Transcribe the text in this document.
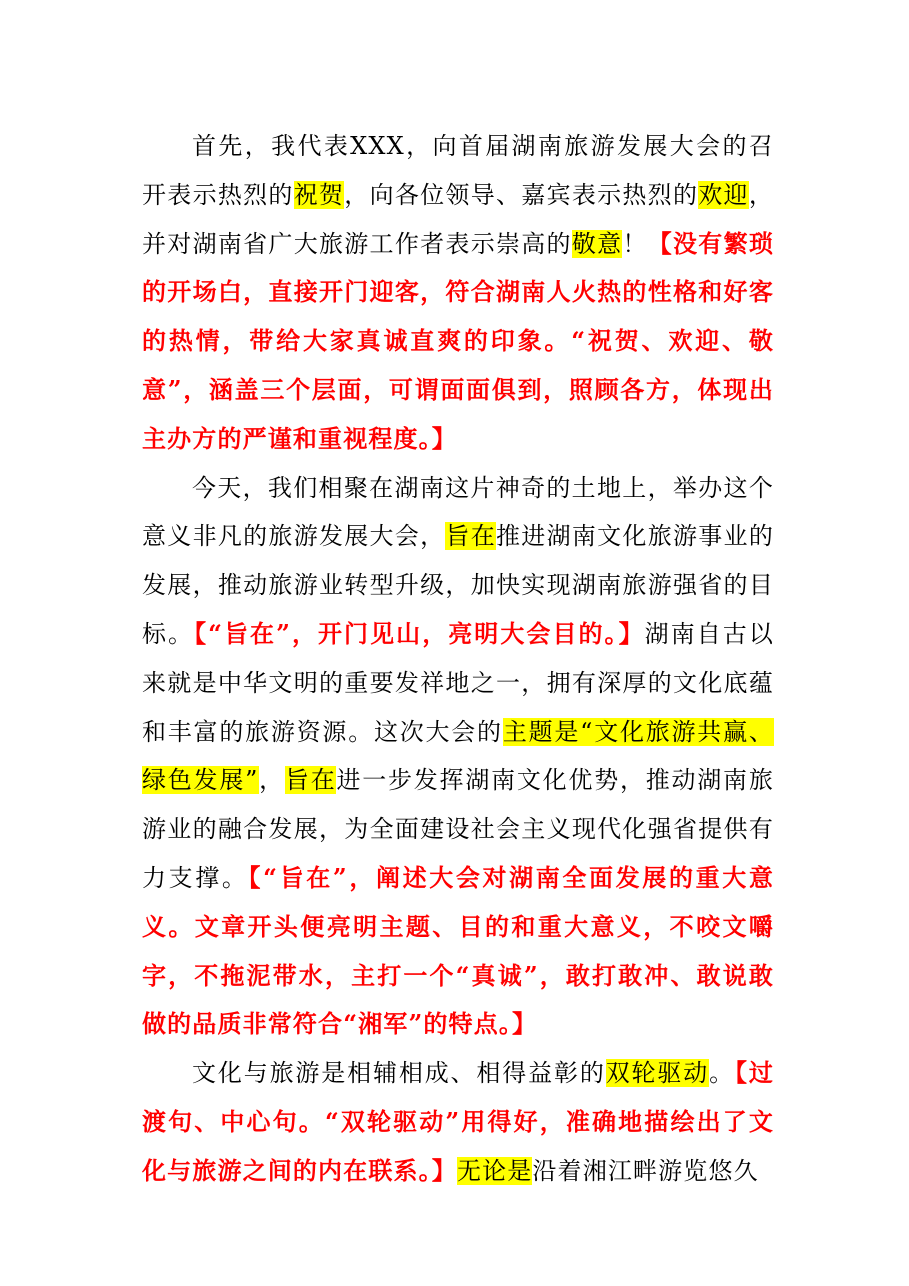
首先，我代表XXX，向首届湖南旅游发展大会的召开表示热烈的祝贺，向各位领导、嘉宾表示热烈的欢迎，并对湖南省广大旅游工作者表示崇高的敬意！【没有繁琐的开场白，直接开门迎客，符合湖南人火热的性格和好客的热情，带给大家真诚直爽的印象。“祝贺、欢迎、敬意”，涵盖三个层面，可谓面面俱到，照顾各方，体现出主办方的严谨和重视程度。】

今天，我们相聚在湖南这片神奇的土地上，举办这个意义非凡的旅游发展大会，旨在推进湖南文化旅游事业的发展，推动旅游业转型升级，加快实现湖南旅游强省的目标。【“旨在”，开门见山，亮明大会目的。】湖南自古以来就是中华文明的重要发祥地之一，拥有深厚的文化底蕴和丰富的旅游资源。这次大会的主题是“文化旅游共赢、绿色发展”，旨在进一步发挥湖南文化优势，推动湖南旅游业的融合发展，为全面建设社会主义现代化强省提供有力支撑。【“旨在”，阐述大会对湖南全面发展的重大意义。文章开头便亮明主题、目的和重大意义，不咬文嚼字，不拖泥带水，主打一个“真诚”，敢打敢冲、敢说敢做的品质非常符合“湘军”的特点。】

文化与旅游是相辅相成、相得益彰的双轮驱动。【过渡句、中心句。“双轮驱动”用得好，准确地描绘出了文化与旅游之间的内在联系。】无论是沿着湘江畔游览悠久
